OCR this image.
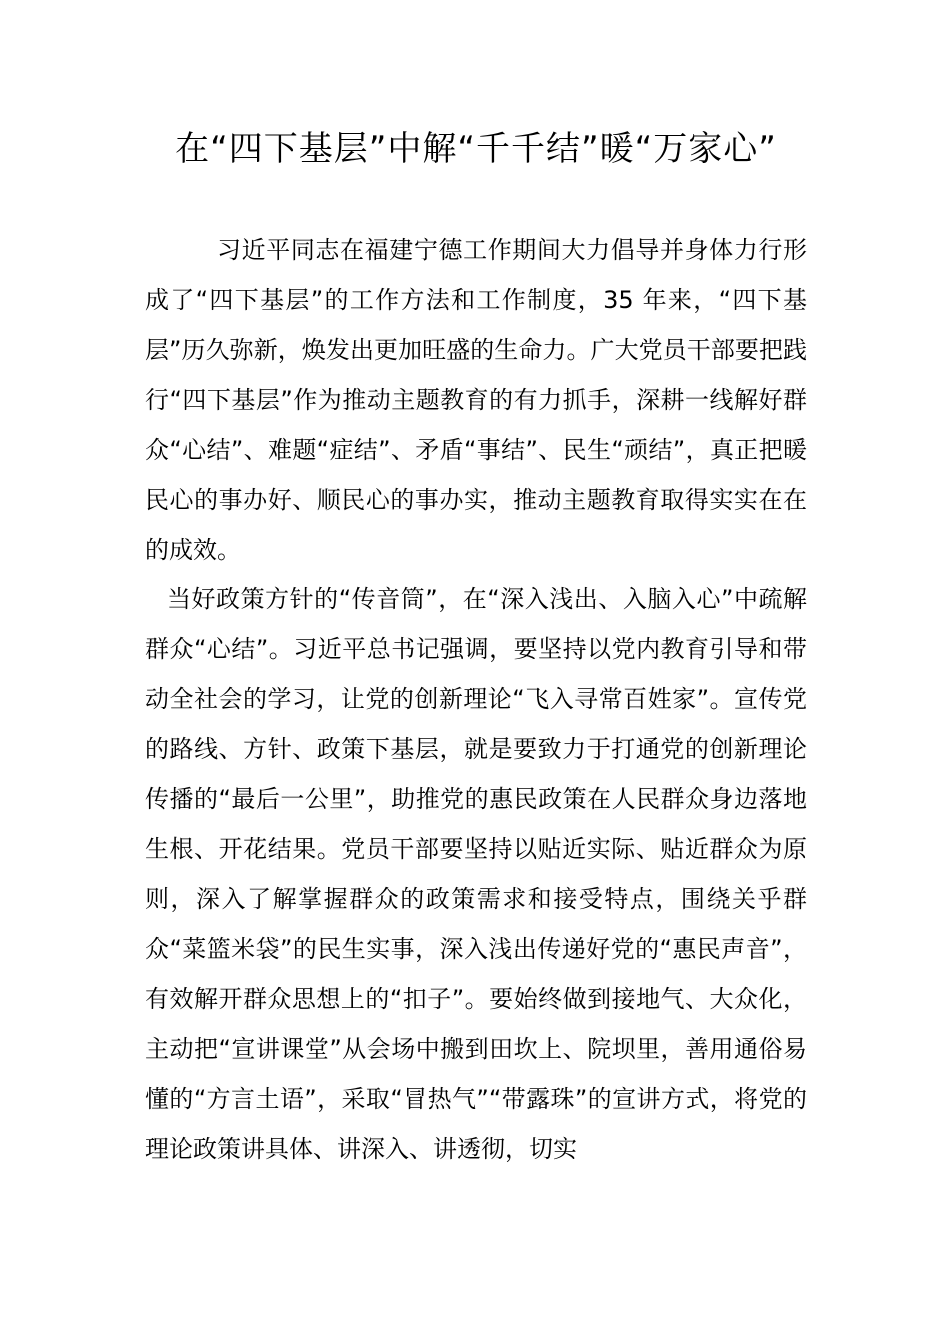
在“四下基层”中解“千千结”暖“万家心”

习近平同志在福建宁德工作期间大力倡导并身体力行形成了“四下基层”的工作方法和工作制度，35 年来，“四下基层”历久弥新，焕发出更加旺盛的生命力。广大党员干部要把践行“四下基层”作为推动主题教育的有力抓手，深耕一线解好群众“心结”、难题“症结”、矛盾“事结”、民生“顽结”，真正把暖民心的事办好、顺民心的事办实，推动主题教育取得实实在在的成效。

当好政策方针的“传音筒”，在“深入浅出、入脑入心”中疏解群众“心结”。习近平总书记强调，要坚持以党内教育引导和带动全社会的学习，让党的创新理论“飞入寻常百姓家”。宣传党的路线、方针、政策下基层，就是要致力于打通党的创新理论传播的“最后一公里”，助推党的惠民政策在人民群众身边落地生根、开花结果。党员干部要坚持以贴近实际、贴近群众为原则，深入了解掌握群众的政策需求和接受特点，围绕关乎群众“菜篮米袋”的民生实事，深入浅出传递好党的“惠民声音”，有效解开群众思想上的“扣子”。要始终做到接地气、大众化，主动把“宣讲课堂”从会场中搬到田坎上、院坝里，善用通俗易懂的“方言土语”，采取“冒热气”“带露珠”的宣讲方式，将党的理论政策讲具体、讲深入、讲透彻，切实
